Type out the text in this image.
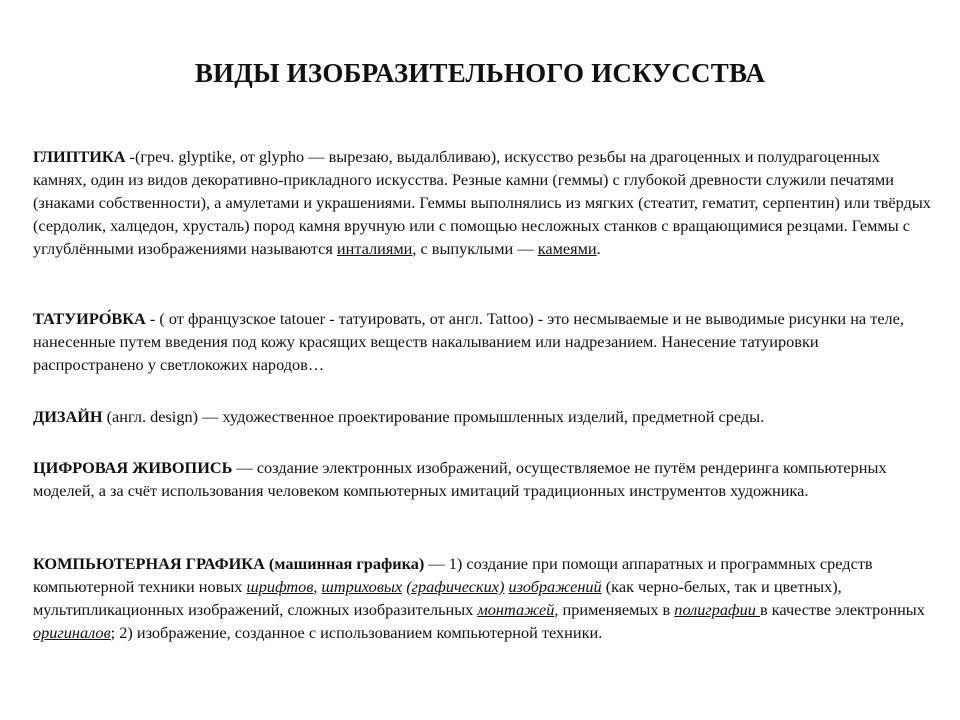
ВИДЫ ИЗОБРАЗИТЕЛЬНОГО ИСКУССТВА

ГЛИПТИКА -(греч. glyptike, от glypho — вырезаю, выдалбливаю), искусство резьбы на драгоценных и полудрагоценных камнях, один из видов декоративно-прикладного искусства. Резные камни (геммы) с глубокой древности служили печатями (знаками собственности), а амулетами и украшениями. Геммы выполнялись из мягких (стеатит, гематит, серпентин) или твёрдых (сердолик, халцедон, хрусталь) пород камня вручную или с помощью несложных станков с вращающимися резцами. Геммы с углублёнными изображениями называются инталиями, с выпуклыми — камеями.

ТАТУИРО́ВКА - ( от французское tatouer - татуировать, от англ. Tattoo) - это несмываемые и не выводимые рисунки на теле, нанесенные путем введения под кожу красящих веществ накалыванием или надрезанием. Нанесение татуировки распространено у светлокожих народов…

ДИЗАЙН (англ. design) — художественное проектирование промышленных изделий, предметной среды.

ЦИФРОВАЯ ЖИВОПИСЬ — создание электронных изображений, осуществляемое не путём рендеринга компьютерных моделей, а за счёт использования человеком компьютерных имитаций традиционных инструментов художника.

КОМПЬЮТЕРНАЯ ГРАФИКА (машинная графика) — 1) создание при помощи аппаратных и программных средств компьютерной техники новых шрифтов, штриховых (графических) изображений (как черно-белых, так и цветных), мультипликационных изображений, сложных изобразительных монтажей, применяемых в полиграфии в качестве электронных оригиналов; 2) изображение, созданное с использованием компьютерной техники.
